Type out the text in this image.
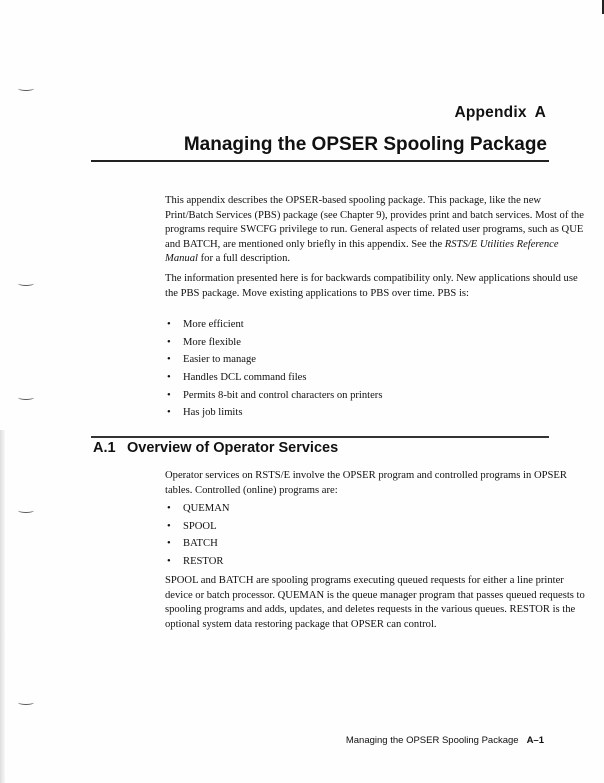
Appendix A
Managing the OPSER Spooling Package

This appendix describes the OPSER-based spooling package. This package, like the new Print/Batch Services (PBS) package (see Chapter 9), provides print and batch services. Most of the programs require SWCFG privilege to run. General aspects of related user programs, such as QUE and BATCH, are mentioned only briefly in this appendix. See the RSTS/E Utilities Reference Manual for a full description.

The information presented here is for backwards compatibility only. New applications should use the PBS package. Move existing applications to PBS over time. PBS is:

• More efficient
• More flexible
• Easier to manage
• Handles DCL command files
• Permits 8-bit and control characters on printers
• Has job limits
A.1 Overview of Operator Services

Operator services on RSTS/E involve the OPSER program and controlled programs in OPSER tables. Controlled (online) programs are:

• QUEMAN
• SPOOL
• BATCH
• RESTOR

SPOOL and BATCH are spooling programs executing queued requests for either a line printer device or batch processor. QUEMAN is the queue manager program that passes queued requests to spooling programs and adds, updates, and deletes requests in the various queues. RESTOR is the optional system data restoring package that OPSER can control.

Managing the OPSER Spooling Package A–1
